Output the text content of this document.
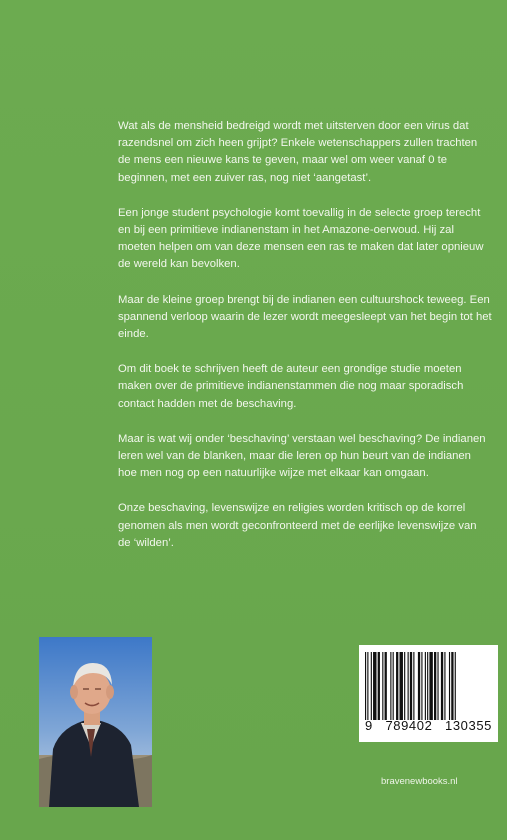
Wat als de mensheid bedreigd wordt met uitsterven door een virus dat razendsnel om zich heen grijpt? Enkele wetenschappers zullen trachten de mens een nieuwe kans te geven, maar wel om weer vanaf 0 te beginnen, met een zuiver ras, nog niet ‘aangetast’.

Een jonge student psychologie komt toevallig in de selecte groep terecht en bij een primitieve indianenstam in het Amazone-oerwoud. Hij zal moeten helpen om van deze mensen een ras te maken dat later opnieuw de wereld kan bevolken.

Maar de kleine groep brengt bij de indianen een cultuurshock teweeg. Een spannend verloop waarin de lezer wordt meegesleept van het begin tot het einde.

Om dit boek te schrijven heeft de auteur een grondige studie moeten maken over de primitieve indianenstammen die nog maar sporadisch contact hadden met de beschaving.

Maar is wat wij onder ‘beschaving’ verstaan wel beschaving? De indianen leren wel van de blanken, maar die leren op hun beurt van de indianen hoe men nog op een natuurlijke wijze met elkaar kan omgaan.

Onze beschaving, levenswijze en religies worden kritisch op de korrel genomen als men wordt geconfronteerd met de eerlijke levenswijze van de ‘wilden’.

9 789402 130355
bravenewbooks.nl
